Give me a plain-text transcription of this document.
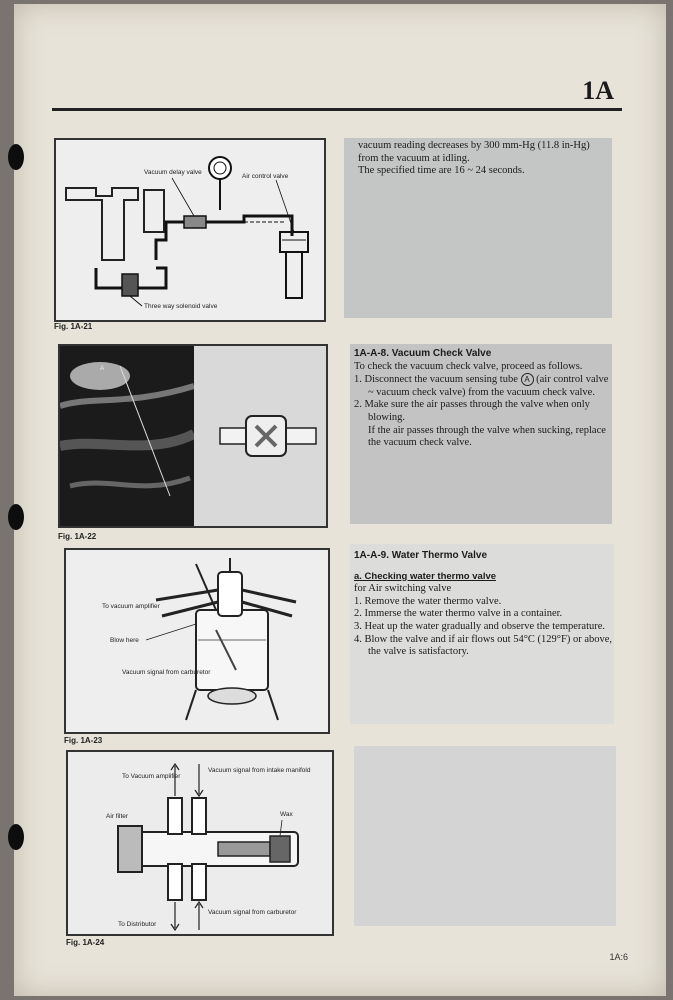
1A
Three way solenoid valve
Vacuum delay valve
Air control valve
Fig. 1A-21
vacuum reading decreases by 300 mm-Hg (11.8 in-Hg)
from the vacuum at idling.
The specified time are 16 ~ 24 seconds.
A
Fig. 1A-22
1A-A-8. Vacuum Check Valve
To check the vacuum check valve, proceed as follows.
1. Disconnect the vacuum sensing tube A (air control valve ~ vacuum check valve) from the vacuum check valve.
2. Make sure the air passes through the valve when only blowing.
If the air passes through the valve when sucking, replace the vacuum check valve.
To vacuum amplifier
Blow here
Vacuum signal from carburetor
Fig. 1A-23
1A-A-9. Water Thermo Valve
a. Checking water thermo valve
for Air switching valve
1. Remove the water thermo valve.
2. Immerse the water thermo valve in a container.
3. Heat up the water gradually and observe the temperature.
4. Blow the valve and if air flows out 54°C (129°F) or above, the valve is satisfactory.
To Vacuum amplifier
Vacuum signal from intake manifold
Air filter	Wax
To Distributor
Vacuum signal from carburetor
Fig. 1A-24
1A:6
